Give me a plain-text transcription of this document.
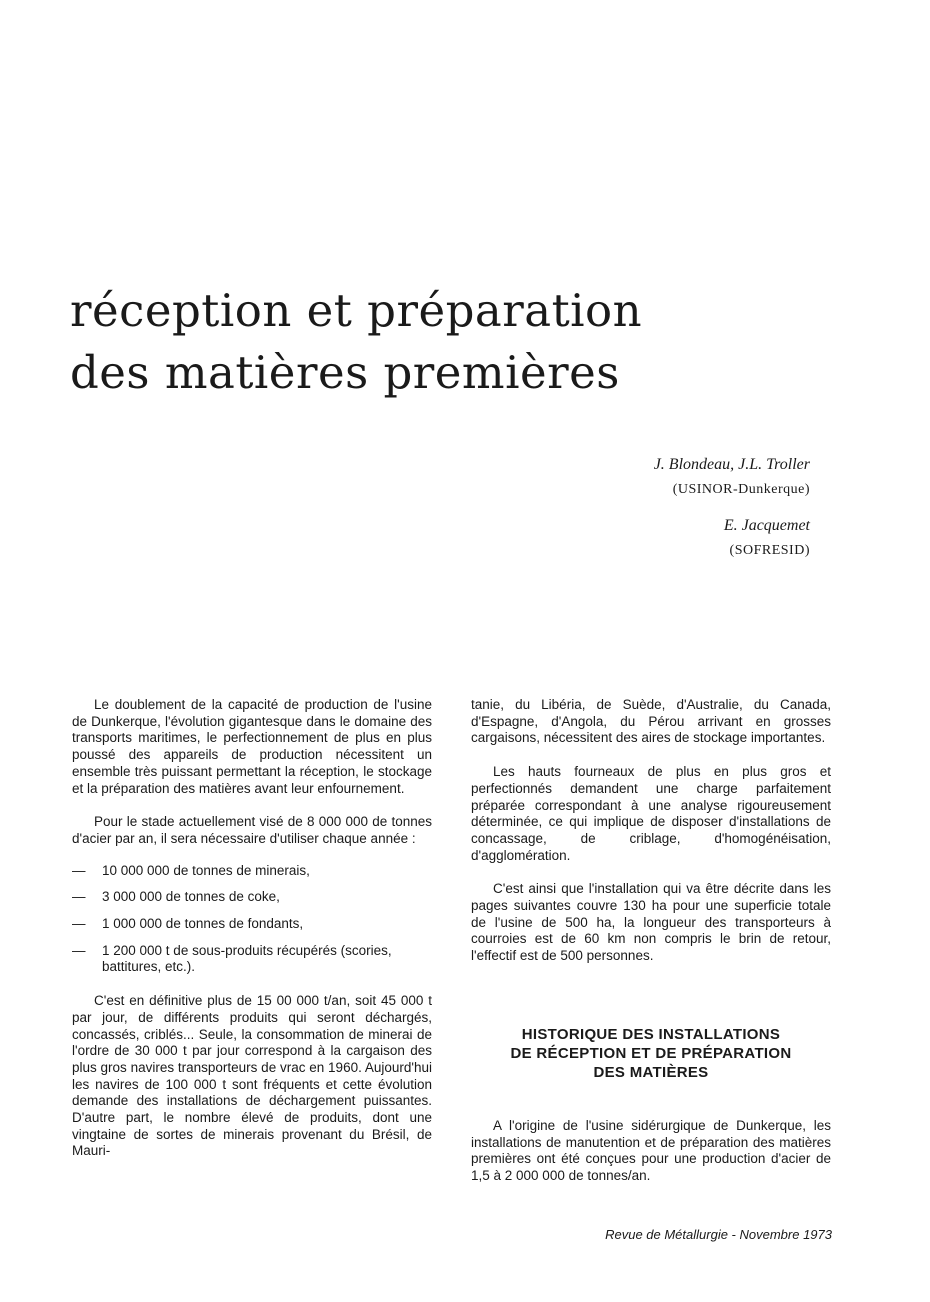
réception et préparation
des matières premières
J. Blondeau, J.L. Troller
(USINOR-Dunkerque)
E. Jacquemet
(SOFRESID)

Le doublement de la capacité de production de l'usine de Dunkerque, l'évolution gigantesque dans le domaine des transports maritimes, le perfectionnement de plus en plus poussé des appareils de production nécessitent un ensemble très puissant permettant la réception, le stockage et la préparation des matières avant leur enfournement.

Pour le stade actuellement visé de 8 000 000 de tonnes d'acier par an, il sera nécessaire d'utiliser chaque année :

—	10 000 000 de tonnes de minerais,
—	3 000 000 de tonnes de coke,
—	1 000 000 de tonnes de fondants,
—	1 200 000 t de sous-produits récupérés (scories, battitures, etc.).

C'est en définitive plus de 15 00 000 t/an, soit 45 000 t par jour, de différents produits qui seront déchargés, concassés, criblés... Seule, la consommation de minerai de l'ordre de 30 000 t par jour correspond à la cargaison des plus gros navires transporteurs de vrac en 1960. Aujourd'hui les navires de 100 000 t sont fréquents et cette évolution demande des installations de déchargement puissantes. D'autre part, le nombre élevé de produits, dont une vingtaine de sortes de minerais provenant du Brésil, de Mauri-

tanie, du Libéria, de Suède, d'Australie, du Canada, d'Espagne, d'Angola, du Pérou arrivant en grosses cargaisons, nécessitent des aires de stockage importantes.

Les hauts fourneaux de plus en plus gros et perfectionnés demandent une charge parfaitement préparée correspondant à une analyse rigoureusement déterminée, ce qui implique de disposer d'installations de concassage, de criblage, d'homogénéisation, d'agglomération.

C'est ainsi que l'installation qui va être décrite dans les pages suivantes couvre 130 ha pour une superficie totale de l'usine de 500 ha, la longueur des transporteurs à courroies est de 60 km non compris le brin de retour, l'effectif est de 500 personnes.

HISTORIQUE DES INSTALLATIONS
DE RÉCEPTION ET DE PRÉPARATION
DES MATIÈRES

A l'origine de l'usine sidérurgique de Dunkerque, les installations de manutention et de préparation des matières premières ont été conçues pour une production d'acier de 1,5 à 2 000 000 de tonnes/an.

Revue de Métallurgie - Novembre 1973
